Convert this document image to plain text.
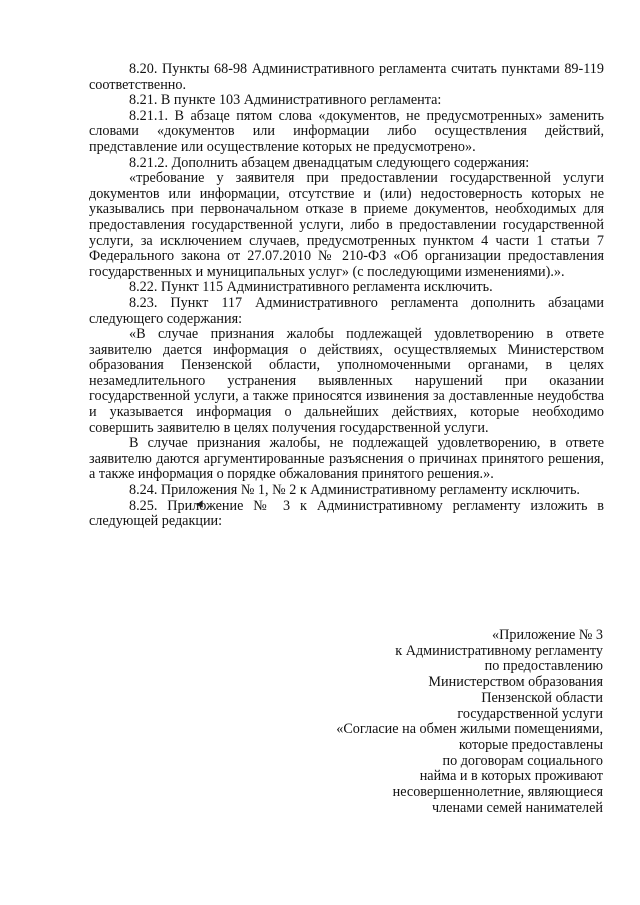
8.20. Пункты 68-98 Административного регламента считать пунктами 89-119 соответственно.

8.21. В пункте 103 Административного регламента:

8.21.1. В абзаце пятом слова «документов, не предусмотренных» заменить словами «документов или информации либо осуществления действий, представление или осуществление которых не предусмотрено».

8.21.2. Дополнить абзацем двенадцатым следующего содержания:

«требование у заявителя при предоставлении государственной услуги документов или информации, отсутствие и (или) недостоверность которых не указывались при первоначальном отказе в приеме документов, необходимых для предоставления государственной услуги, либо в предоставлении государственной услуги, за исключением случаев, предусмотренных пунктом 4 части 1 статьи 7 Федерального закона от 27.07.2010 № 210-ФЗ «Об организации предоставления государственных и муниципальных услуг» (с последующими изменениями).».

8.22. Пункт 115 Административного регламента исключить.

8.23. Пункт 117 Административного регламента дополнить абзацами следующего содержания:

«В случае признания жалобы подлежащей удовлетворению в ответе заявителю дается информация о действиях, осуществляемых Министерством образования Пензенской области, уполномоченными органами, в целях незамедлительного устранения выявленных нарушений при оказании государственной услуги, а также приносятся извинения за доставленные неудобства и указывается информация о дальнейших действиях, которые необходимо совершить заявителю в целях получения государственной услуги.

В случае признания жалобы, не подлежащей удовлетворению, в ответе заявителю даются аргументированные разъяснения о причинах принятого решения, а также информация о порядке обжалования принятого решения.».

8.24. Приложения № 1, № 2 к Административному регламенту исключить.

8.25. Приложение № 3 к Административному регламенту изложить в следующей редакции:

«Приложение № 3
к Административному регламенту
по предоставлению
Министерством образования
Пензенской области
государственной услуги
«Согласие на обмен жилыми помещениями,
которые предоставлены
по договорам социального
найма и в которых проживают
несовершеннолетние, являющиеся
членами семей нанимателей
